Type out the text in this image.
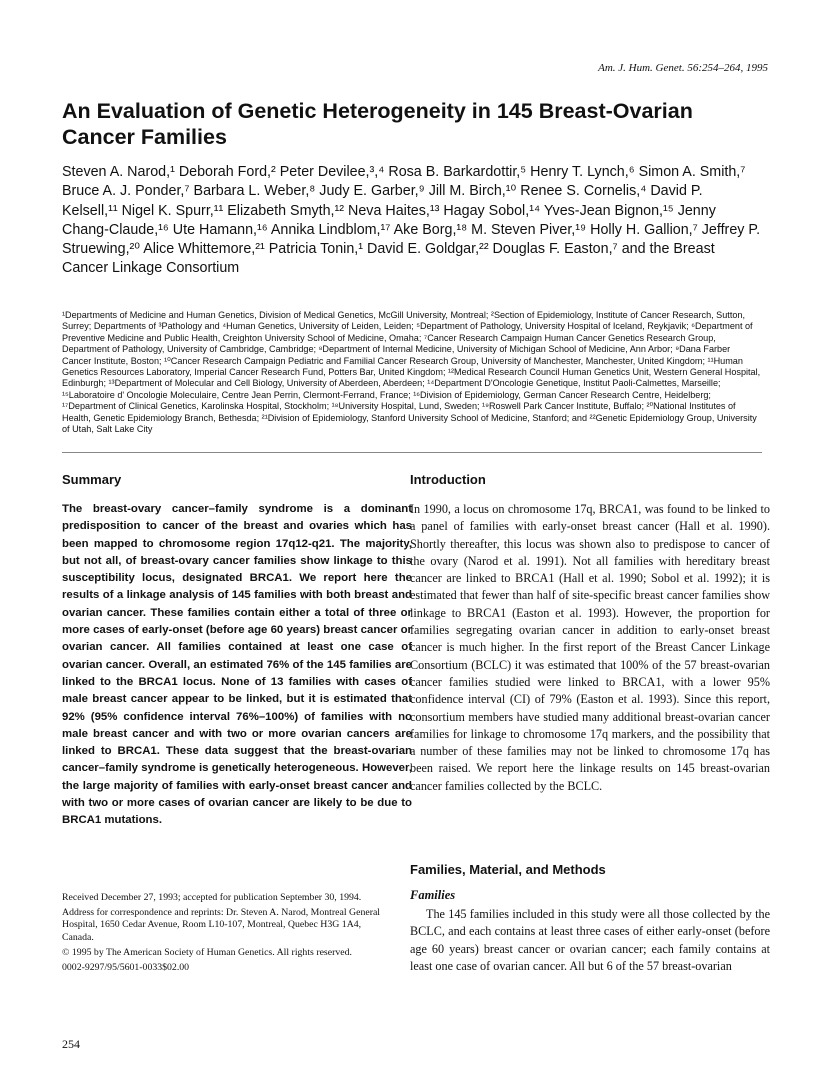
Am. J. Hum. Genet. 56:254–264, 1995
An Evaluation of Genetic Heterogeneity in 145 Breast-Ovarian Cancer Families

Steven A. Narod,¹ Deborah Ford,² Peter Devilee,³,⁴ Rosa B. Barkardottir,⁵ Henry T. Lynch,⁶ Simon A. Smith,⁷ Bruce A. J. Ponder,⁷ Barbara L. Weber,⁸ Judy E. Garber,⁹ Jill M. Birch,¹⁰ Renee S. Cornelis,⁴ David P. Kelsell,¹¹ Nigel K. Spurr,¹¹ Elizabeth Smyth,¹² Neva Haites,¹³ Hagay Sobol,¹⁴ Yves-Jean Bignon,¹⁵ Jenny Chang-Claude,¹⁶ Ute Hamann,¹⁶ Annika Lindblom,¹⁷ Ake Borg,¹⁸ M. Steven Piver,¹⁹ Holly H. Gallion,⁷ Jeffrey P. Struewing,²⁰ Alice Whittemore,²¹ Patricia Tonin,¹ David E. Goldgar,²² Douglas F. Easton,⁷ and the Breast Cancer Linkage Consortium

¹Departments of Medicine and Human Genetics, Division of Medical Genetics, McGill University, Montreal; ²Section of Epidemiology, Institute of Cancer Research, Sutton, Surrey; Departments of ³Pathology and ⁴Human Genetics, University of Leiden, Leiden; ⁵Department of Pathology, University Hospital of Iceland, Reykjavik; ⁶Department of Preventive Medicine and Public Health, Creighton University School of Medicine, Omaha; ⁷Cancer Research Campaign Human Cancer Genetics Research Group, Department of Pathology, University of Cambridge, Cambridge; ⁸Department of Internal Medicine, University of Michigan School of Medicine, Ann Arbor; ⁹Dana Farber Cancer Institute, Boston; ¹⁰Cancer Research Campaign Pediatric and Familial Cancer Research Group, University of Manchester, Manchester, United Kingdom; ¹¹Human Genetics Resources Laboratory, Imperial Cancer Research Fund, Potters Bar, United Kingdom; ¹²Medical Research Council Human Genetics Unit, Western General Hospital, Edinburgh; ¹³Department of Molecular and Cell Biology, University of Aberdeen, Aberdeen; ¹⁴Department D'Oncologie Genetique, Institut Paoli-Calmettes, Marseille; ¹⁵Laboratoire d' Oncologie Moleculaire, Centre Jean Perrin, Clermont-Ferrand, France; ¹⁶Division of Epidemiology, German Cancer Research Centre, Heidelberg; ¹⁷Department of Clinical Genetics, Karolinska Hospital, Stockholm; ¹⁸University Hospital, Lund, Sweden; ¹⁹Roswell Park Cancer Institute, Buffalo; ²⁰National Institutes of Health, Genetic Epidemiology Branch, Bethesda; ²¹Division of Epidemiology, Stanford University School of Medicine, Stanford; and ²²Genetic Epidemiology Group, University of Utah, Salt Lake City

Summary

The breast-ovary cancer–family syndrome is a dominant predisposition to cancer of the breast and ovaries which has been mapped to chromosome region 17q12-q21. The majority, but not all, of breast-ovary cancer families show linkage to this susceptibility locus, designated BRCA1. We report here the results of a linkage analysis of 145 families with both breast and ovarian cancer. These families contain either a total of three or more cases of early-onset (before age 60 years) breast cancer or ovarian cancer. All families contained at least one case of ovarian cancer. Overall, an estimated 76% of the 145 families are linked to the BRCA1 locus. None of 13 families with cases of male breast cancer appear to be linked, but it is estimated that 92% (95% confidence interval 76%–100%) of families with no male breast cancer and with two or more ovarian cancers are linked to BRCA1. These data suggest that the breast-ovarian cancer–family syndrome is genetically heterogeneous. However, the large majority of families with early-onset breast cancer and with two or more cases of ovarian cancer are likely to be due to BRCA1 mutations.

Introduction

In 1990, a locus on chromosome 17q, BRCA1, was found to be linked to a panel of families with early-onset breast cancer (Hall et al. 1990). Shortly thereafter, this locus was shown also to predispose to cancer of the ovary (Narod et al. 1991). Not all families with hereditary breast cancer are linked to BRCA1 (Hall et al. 1990; Sobol et al. 1992); it is estimated that fewer than half of site-specific breast cancer families show linkage to BRCA1 (Easton et al. 1993). However, the proportion for families segregating ovarian cancer in addition to early-onset breast cancer is much higher. In the first report of the Breast Cancer Linkage Consortium (BCLC) it was estimated that 100% of the 57 breast-ovarian cancer families studied were linked to BRCA1, with a lower 95% confidence interval (CI) of 79% (Easton et al. 1993). Since this report, consortium members have studied many additional breast-ovarian cancer families for linkage to chromosome 17q markers, and the possibility that a number of these families may not be linked to chromosome 17q has been raised. We report here the linkage results on 145 breast-ovarian cancer families collected by the BCLC.

Families, Material, and Methods
Families

The 145 families included in this study were all those collected by the BCLC, and each contains at least three cases of either early-onset (before age 60 years) breast cancer or ovarian cancer; each family contains at least one case of ovarian cancer. All but 6 of the 57 breast-ovarian

Received December 27, 1993; accepted for publication September 30, 1994.

Address for correspondence and reprints: Dr. Steven A. Narod, Montreal General Hospital, 1650 Cedar Avenue, Room L10-107, Montreal, Quebec H3G 1A4, Canada.

© 1995 by The American Society of Human Genetics. All rights reserved.

0002-9297/95/5601-0033$02.00

254
